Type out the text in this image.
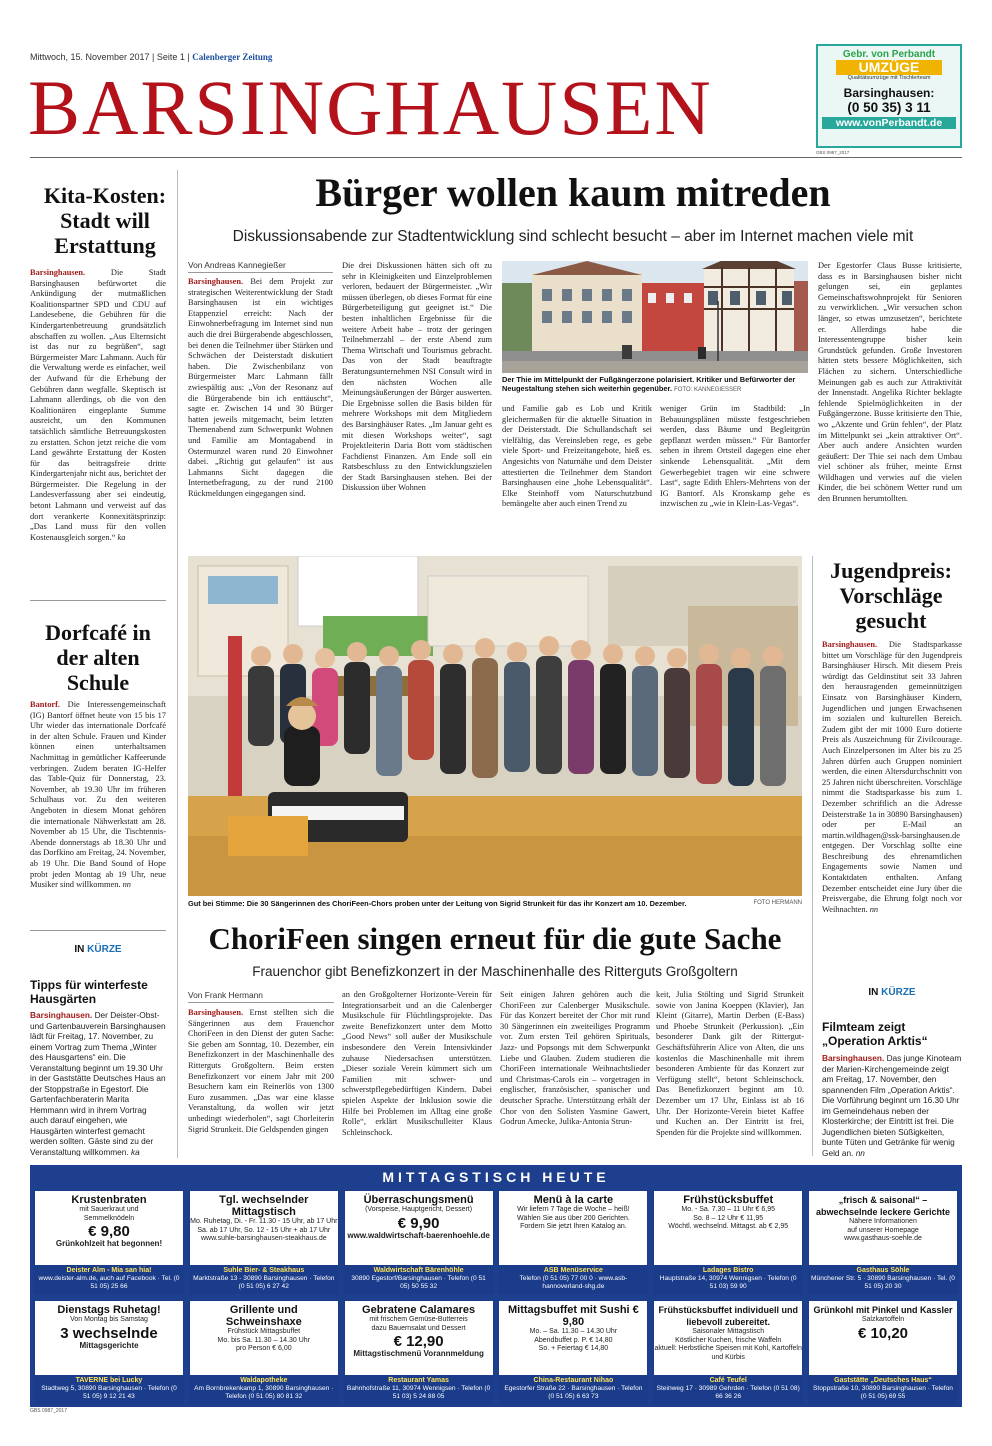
Mittwoch, 15. November 2017 | Seite 1 | Calenberger Zeitung
BARSINGHAUSEN
Gebr. von Perbandt
UMZÜGE
Qualitätsumzüge mit Tischlerteam
Barsinghausen:
(0 50 35) 3 11
www.vonPerbandt.de
GBS 0987_2017
Kita-Kosten: Stadt will Erstattung
Barsinghausen.	Die Stadt Barsinghausen befürwortet die Ankündigung der mutmaßlichen Koalitionspartner SPD und CDU auf Landesebene, die Gebühren für die Kindergartenbetreuung grundsätzlich abschaffen zu wollen. „Aus Elternsicht ist das nur zu begrüßen“, sagt Bürgermeister Marc Lahmann. Auch für die Verwaltung werde es einfacher, weil der Aufwand für die Erhebung der Gebühren dann wegfalle. Skeptisch ist Lahmann allerdings, ob die von den Koalitionären eingeplante Summe ausreicht, um den Kommunen tatsächlich sämtliche Betreuungskosten zu erstatten. Schon jetzt reiche die vom Land gewährte Erstattung der Kosten für das beitragsfreie dritte Kindergartenjahr nicht aus, berichtet der Bürgermeister. Die Regelung in der Landesverfassung aber sei eindeutig, betont Lahmann und verweist auf das dort verankerte Konnexitätsprinzip: „Das Land muss für den vollen Kostenausgleich sorgen.“ ka
Dorfcafé in der alten Schule
Bantorf. Die Interessengemeinschaft (IG) Bantorf öffnet heute von 15 bis 17 Uhr wieder das internationale Dorfcafé in der alten Schule. Frauen und Kinder können einen unterhaltsamen Nachmittag in gemütlicher Kaffeerunde verbringen. Zudem beraten IG-Helfer das Table-Quiz für Donnerstag, 23. November, ab 19.30 Uhr im früheren Schulhaus vor. Zu den weiteren Angeboten in diesem Monat gehören die internationale Nähwerkstatt am 28. November ab 15 Uhr, die Tischtennis-Abende donnerstags ab 18.30 Uhr und das Dorfkino am Freitag, 24. November, ab 19 Uhr. Die Band Sound of Hope probt jeden Montag ab 19 Uhr, neue Musiker sind willkommen. nn
IN KÜRZE
Tipps für winterfeste Hausgärten
Barsinghausen. Der Deister-Obst- und Gartenbauverein Barsinghausen lädt für Freitag, 17. November, zu einem Vortrag zum Thema „Winter des Hausgartens“ ein. Die Veranstaltung beginnt um 19.30 Uhr in der Gaststätte Deutsches Haus an der Stoppstraße in Egestorf. Die Gartenfachberaterin Marita Hemmann wird in ihrem Vortrag auch darauf eingehen, wie Hausgärten winterfest gemacht werden sollten. Gäste sind zu der Veranstaltung willkommen. ka
Bürger wollen kaum mitreden
Diskussionsabende zur Stadtentwicklung sind schlecht besucht – aber im Internet machen viele mit
Von Andreas Kannegießer
Barsinghausen. Bei dem Projekt zur strategischen Weiterentwicklung der Stadt Barsinghausen ist ein wichtiges Etappenziel erreicht: Nach der Einwohnerbefragung im Internet sind nun auch die drei Bürgerabende abgeschlossen, bei denen die Teilnehmer über Stärken und Schwächen der Deisterstadt diskutiert haben. Die Zwischenbilanz von Bürgermeister Marc Lahmann fällt zwiespältig aus: „Von der Resonanz auf die Bürgerabende bin ich enttäuscht“, sagte er. Zwischen 14 und 30 Bürger hatten jeweils mitgemacht, beim letzten Themenabend zum Schwerpunkt Wohnen und Familie am Montagabend in Ostermunzel waren rund 20 Einwohner dabei. „Richtig gut gelaufen“ ist aus Lahmanns Sicht dagegen die Internetbefragung, zu der rund 2100 Rückmeldungen eingegangen sind.
Die drei Diskussionen hätten sich oft zu sehr in Kleinigkeiten und Einzelproblemen verloren, bedauert der Bürgermeister. „Wir müssen überlegen, ob dieses Format für eine Bürgerbeteiligung gut geeignet ist.“ Die besten inhaltlichen Ergebnisse für die weitere Arbeit habe – trotz der geringen Teilnehmerzahl – der erste Abend zum Thema Wirtschaft und Tourismus gebracht. Das von der Stadt beauftragte Beratungsunternehmen NSI Consult wird in den nächsten Wochen alle Meinungsäußerungen der Bürger auswerten. Die Ergebnisse sollen die Basis bilden für mehrere Workshops mit dem Mitgliedern des Barsinghäuser Rates. „Im Januar geht es mit diesen Workshops weiter“, sagt Projektleiterin Daria Bott vom städtischen Fachdienst Finanzen. Am Ende soll ein Ratsbeschluss zu den Entwicklungszielen der Stadt Barsinghausen stehen. Bei der Diskussion über Wohnen
Der Thie im Mittelpunkt der Fußgängerzone polarisiert. Kritiker und Befürworter der Neugestaltung stehen sich weiterhin gegenüber. FOTO: KANNEGIESSER
und Familie gab es Lob und Kritik gleichermaßen für die aktuelle Situation in der Deisterstadt. Die Schullandschaft sei vielfältig, das Vereinsleben rege, es gebe viele Sport- und Freizeitangebote, hieß es. Angesichts von Naturnähe und dem Deister attestierten die Teilnehmer dem Standort Barsinghausen eine „hohe Lebensqualität“. Elke Steinhoff vom Naturschutzbund bemängelte aber auch einen Trend zu
weniger Grün im Stadtbild: „In Bebauungsplänen müsste festgeschrieben werden, dass Bäume und Begleitgrün gepflanzt werden müssen.“ Für Bantorfer sehen in ihrem Ortsteil dagegen eine eher sinkende Lebensqualität. „Mit dem Gewerbegebiet tragen wir eine schwere Last“, sagte Edith Ehlers-Mehrtens von der IG Bantorf. Als Kronskamp gehe es inzwischen zu „wie in Klein-Las-Vegas“.
Der Egestorfer Claus Busse kritisierte, dass es in Barsinghausen bisher nicht gelungen sei, ein geplantes Gemeinschaftswohnprojekt für Senioren zu verwirklichen. „Wir versuchen schon länger, so etwas umzusetzen“, berichtete er. Allerdings habe die Interessentengruppe bisher kein Grundstück gefunden. Große Investoren hätten stets bessere Möglichkeiten, sich Flächen zu sichern. Unterschiedliche Meinungen gab es auch zur Attraktivität der Innenstadt. Angelika Richter beklagte fehlende Spielmöglichkeiten in der Fußgängerzone. Busse kritisierte den Thie, wo „Akzente und Grün fehlen“, der Platz im Mittelpunkt sei „kein attraktiver Ort“. Aber auch andere Ansichten wurden geäußert: Der Thie sei nach dem Umbau viel schöner als früher, meinte Ernst Wildhagen und verwies auf die vielen Kinder, die bei schönem Wetter rund um den Brunnen herumtollten.
Gut bei Stimme: Die 30 Sängerinnen des ChoriFeen-Chors proben unter der Leitung von Sigrid Strunkeit für das ihr Konzert am 10. Dezember.	FOTO HERMANN
ChoriFeen singen erneut für die gute Sache
Frauenchor gibt Benefizkonzert in der Maschinenhalle des Ritterguts Großgoltern
Von Frank Hermann
Barsinghausen. Ernst stellten sich die Sängerinnen aus dem Frauenchor ChoriFeen in den Dienst der guten Sache: Sie geben am Sonntag, 10. Dezember, ein Benefizkonzert in der Maschinenhalle des Ritterguts Großgoltern. Beim ersten Benefizkonzert vor einem Jahr mit 200 Besuchern kam ein Reinerlös von 1300 Euro zusammen. „Das war eine klasse Veranstaltung, da wollen wir jetzt unbedingt wiederholen“, sagt Chorleiterin Sigrid Strunkeit. Die Geldspenden gingen
an den Großgolterner Horizonte-Verein für Integrationsarbeit und an die Calenberger Musikschule für Flüchtlingsprojekte. Das zweite Benefizkonzert unter dem Motto „Good News“ soll außer der Musikschule insbesondere den Verein Intensivkinder zuhause Niedersachsen unterstützen. „Dieser soziale Verein kümmert sich um Familien mit schwer- und schwerstpflegebedürftigen Kindern. Dabei spielen Aspekte der Inklusion sowie die Hilfe bei Problemen im Alltag eine große Rolle“, erklärt Musikschulleiter Klaus Schleinschock.
Seit einigen Jahren gehören auch die ChoriFeen zur Calenberger Musikschule. Für das Konzert bereitet der Chor mit rund 30 Sängerinnen ein zweiteiliges Programm vor. Zum ersten Teil gehören Spirituals, Jazz- und Popsongs mit dem Schwerpunkt Liebe und Glauben. Zudem studieren die ChoriFeen internationale Weihnachtslieder und Christmas-Carols ein – vorgetragen in englischer, französischer, spanischer und deutscher Sprache. Unterstützung erhält der Chor von den Solisten Yasmine Gawert, Godrun Amecke, Julika-Antonia Strun-
keit, Julia Stölting und Sigrid Strunkeit sowie von Janina Koeppen (Klavier), Jan Kleint (Gitarre), Martin Derben (E-Bass) und Phoebe Strunkeit (Perkussion). „Ein besonderer Dank gilt der Rittergut-Geschäftsführerin Alice von Alten, die uns kostenlos die Maschinenhalle mit ihrem besonderen Ambiente für das Konzert zur Verfügung stellt“, betont Schleinschock. Das Benefizkonzert beginnt am 10. Dezember um 17 Uhr, Einlass ist ab 16 Uhr. Der Horizonte-Verein bietet Kaffee und Kuchen an. Der Eintritt ist frei, Spenden für die Projekte sind willkommen.
Jugendpreis: Vorschläge gesucht
Barsinghausen. Die Stadtsparkasse bittet um Vorschläge für den Jugendpreis Barsinghäuser Hirsch. Mit diesem Preis würdigt das Geldinstitut seit 33 Jahren den herausragenden gemeinnützigen Einsatz von Barsinghäuser Kindern, Jugendlichen und jungen Erwachsenen im sozialen und kulturellen Bereich. Zudem gibt der mit 1000 Euro dotierte Preis als Auszeichnung für Zivilcourage. Auch Einzelpersonen im Alter bis zu 25 Jahren dürfen auch Gruppen nominiert werden, die einen Altersdurchschnitt von 25 Jahren nicht überschreiten. Vorschläge nimmt die Stadtsparkasse bis zum 1. Dezember schriftlich an die Adresse Deisterstraße 1a in 30890 Barsinghausen) oder per E-Mail an martin.wildhagen@ssk-barsinghausen.de entgegen. Der Vorschlag sollte eine Beschreibung des ehrenamtlichen Engagements sowie Namen und Kontaktdaten enthalten. Anfang Dezember entscheidet eine Jury über die Preisvergabe, die Ehrung folgt noch vor Weihnachten. nn
IN KÜRZE
Filmteam zeigt „Operation Arktis“
Barsinghausen. Das junge Kinoteam der Marien-Kirchengemeinde zeigt am Freitag, 17. November, den spannenden Film „Operation Arktis“. Die Vorführung beginnt um 16.30 Uhr im Gemeindehaus neben der Klosterkirche; der Eintritt ist frei. Die Jugendlichen bieten Süßigkeiten, bunte Tüten und Getränke für wenig Geld an. nn
MITTAGSTISCH HEUTE
Krustenbraten
mit Sauerkraut und
Semmelknödeln
€ 9,80
Grünkohlzeit hat begonnen!
Deister Alm - Mia san hia!
www.deister-alm.de, auch auf Facebook · Tel. (0 51 05) 25 66
Tgl. wechselnder Mittagstisch
Mo. Ruhetag, Di. - Fr. 11.30 - 15 Uhr, ab 17 Uhr
Sa. ab 17 Uhr, So. 12 - 15 Uhr + ab 17 Uhr
www.suhle-barsinghausen-steakhaus.de
Suhle Bier- & Steakhaus
Marktstraße 13 - 30890 Barsinghausen · Telefon (0 51 05) 6 27 42
Überraschungsmenü
(Vorspeise, Hauptgericht, Dessert)
€ 9,90
www.waldwirtschaft-baerenhoehle.de
Waldwirtschaft Bärenhöhle
30890 Egestorf/Barsinghausen · Telefon (0 51 05) 50 55 32
Menü à la carte
Wir liefern 7 Tage die Woche – heiß!
Wählen Sie aus über 200 Gerichten.
Fordern Sie jetzt Ihren Katalog an.
ASB Menüservice
Telefon (0 51 05) 77 00 0 · www.asb-hannoverland-shg.de
Frühstücksbuffet
Mo. - Sa. 7.30 – 11 Uhr € 6,95
So. 8 – 12 Uhr € 11,95
Wöchtl. wechselnd. Mittagst. ab € 2,95
Ladages Bistro
Hauptstraße 14, 30974 Wennigsen · Telefon (0 51 03) 59 90
„frisch & saisonal“ – abwechselnde leckere Gerichte
Nähere Informationen
auf unserer Homepage
www.gasthaus-soehle.de
Gasthaus Söhle
Münchener Str. 5 · 30890 Barsinghausen · Tel. (0 51 05) 20 30
Dienstags Ruhetag!
Von Montag bis Samstag
3 wechselnde
Mittagsgerichte
TAVERNE bei Lucky
Stadtweg 5, 30890 Barsinghausen · Telefon (0 51 05) 9 12 21 43
Grillente und Schweinshaxe
Frühstück Mittagsbuffet
Mo. bis Sa. 11.30 – 14.30 Uhr
pro Person € 6,00
Waldapotheke
Am Bornbrekenkamp 1, 30890 Barsinghausen · Telefon (0 51 05) 80 81 32
Gebratene Calamares
mit frischem Gemüse-Butterreis
dazu Bauernsalat und Dessert
€ 12,90
Mittagstischmenü Vorannmeldung
Restaurant Yamas
Bahnhofstraße 11, 30974 Wennigsen · Telefon (0 51 03) 5 24 88 05
Mittagsbuffet mit Sushi € 9,80
Mo. – Sa. 11.30 – 14.30 Uhr
Abendbuffet p. P. € 14,80
So. + Feiertag € 14,80
China-Restaurant Nihao
Egestorfer Straße 22 · Barsinghausen · Telefon (0 51 05) 6 63 73
Frühstücksbuffet individuell und liebevoll zubereitet.
Saisonaler Mittagstisch
Köstlicher Kuchen, frische Waffeln
aktuell: Herbstliche Speisen mit Kohl, Kartoffeln und Kürbis
Café Teufel
Steinweg 17 · 30989 Gehrden · Telefon (0 51 08) 66 36 26
Grünkohl mit Pinkel und Kassler
Salzkartoffeln
€ 10,20
Gaststätte „Deutsches Haus“
Stoppstraße 10, 30890 Barsinghausen · Telefon (0 51 05) 69 55
GBS 0987_2017
